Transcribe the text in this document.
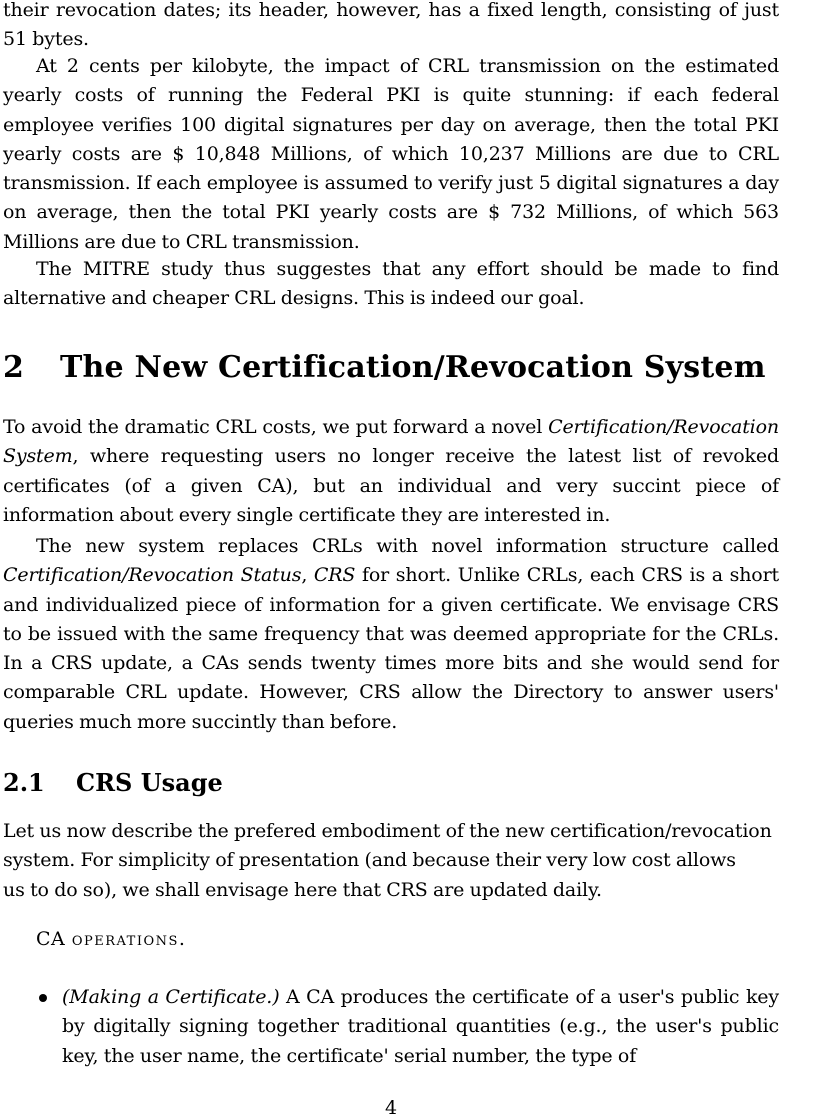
their revocation dates; its header, however, has a fixed length, consisting of just 51 bytes.

At 2 cents per kilobyte, the impact of CRL transmission on the estimated yearly costs of running the Federal PKI is quite stunning: if each federal employee verifies 100 digital signatures per day on average, then the total PKI yearly costs are $ 10,848 Millions, of which 10,237 Millions are due to CRL transmission. If each employee is assumed to verify just 5 digital signatures a day on average, then the total PKI yearly costs are $ 732 Millions, of which 563 Millions are due to CRL transmission.

The MITRE study thus suggestes that any effort should be made to find alternative and cheaper CRL designs. This is indeed our goal.

2 The New Certification/Revocation System

To avoid the dramatic CRL costs, we put forward a novel Certification/Revocation System, where requesting users no longer receive the latest list of revoked certificates (of a given CA), but an individual and very succint piece of information about every single certificate they are interested in.

The new system replaces CRLs with novel information structure called Certification/Revocation Status, CRS for short. Unlike CRLs, each CRS is a short and individualized piece of information for a given certificate. We envisage CRS to be issued with the same frequency that was deemed appropriate for the CRLs. In a CRS update, a CAs sends twenty times more bits and she would send for comparable CRL update. However, CRS allow the Directory to answer users' queries much more succintly than before.

2.1 CRS Usage

Let us now describe the prefered embodiment of the new certification/revocation
system. For simplicity of presentation (and because their very low cost allows
us to do so), we shall envisage here that CRS are updated daily.

CA operations.

(Making a Certificate.) A CA produces the certificate of a user's public key by digitally signing together traditional quantities (e.g., the user's public key, the user name, the certificate' serial number, the type of

4
